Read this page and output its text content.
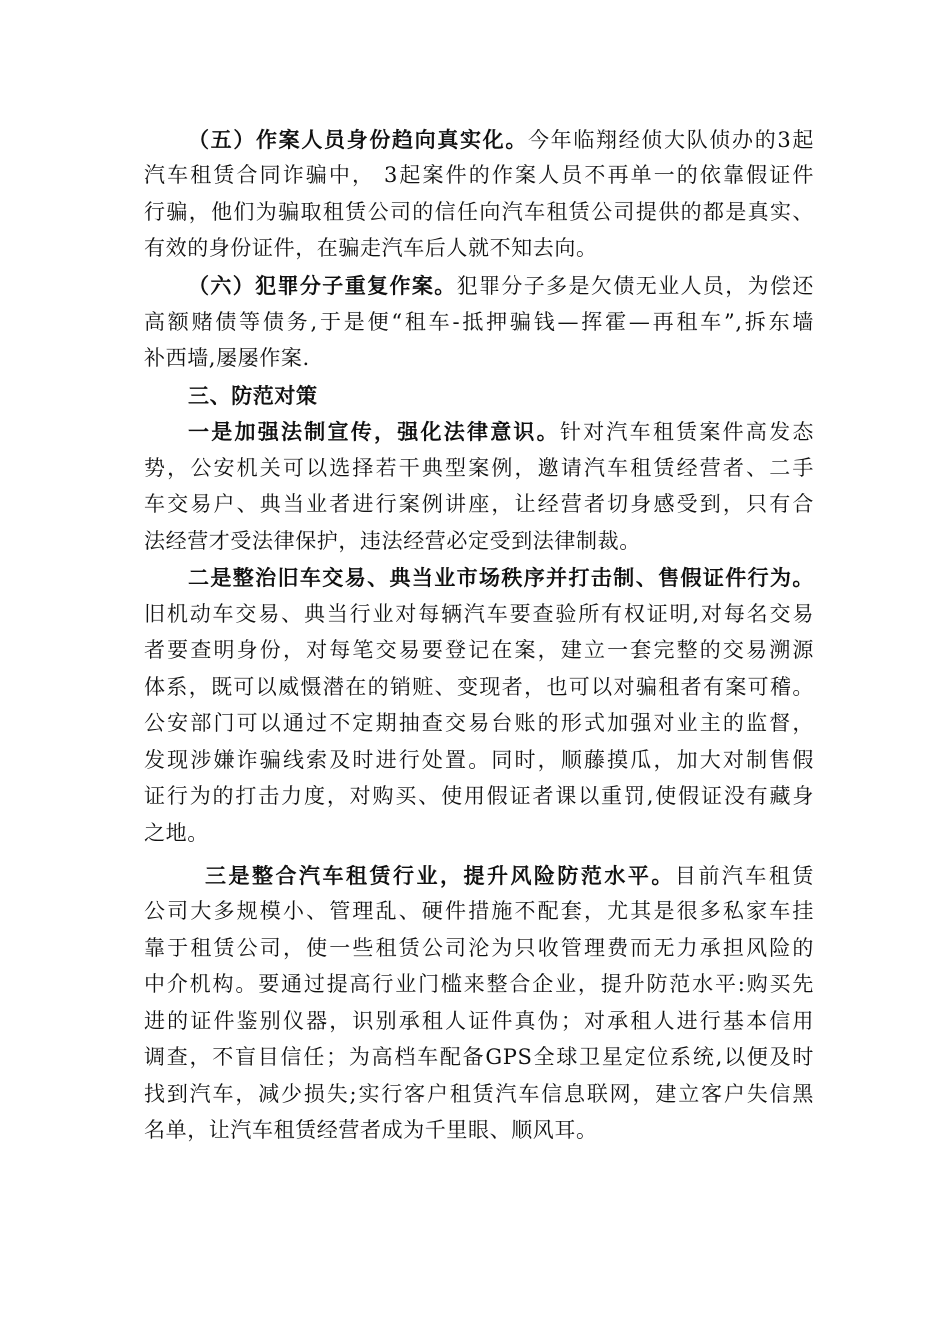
（五）作案人员身份趋向真实化。今年临翔经侦大队侦办的3起
汽车租赁合同诈骗中， 3起案件的作案人员不再单一的依靠假证件
行骗，他们为骗取租赁公司的信任向汽车租赁公司提供的都是真实、
有效的身份证件，在骗走汽车后人就不知去向。
（六）犯罪分子重复作案。犯罪分子多是欠债无业人员，为偿还
高额赌债等债务,于是便“租车-抵押骗钱—挥霍—再租车”,拆东墙
补西墙,屡屡作案.
三、防范对策
一是加强法制宣传，强化法律意识。针对汽车租赁案件高发态
势，公安机关可以选择若干典型案例，邀请汽车租赁经营者、二手
车交易户、典当业者进行案例讲座，让经营者切身感受到，只有合
法经营才受法律保护，违法经营必定受到法律制裁。
二是整治旧车交易、典当业市场秩序并打击制、售假证件行为。
旧机动车交易、典当行业对每辆汽车要查验所有权证明,对每名交易
者要查明身份，对每笔交易要登记在案，建立一套完整的交易溯源
体系，既可以威慑潜在的销赃、变现者，也可以对骗租者有案可稽。
公安部门可以通过不定期抽查交易台账的形式加强对业主的监督，
发现涉嫌诈骗线索及时进行处置。同时，顺藤摸瓜，加大对制售假
证行为的打击力度，对购买、使用假证者课以重罚,使假证没有藏身
之地。
三是整合汽车租赁行业，提升风险防范水平。目前汽车租赁
公司大多规模小、管理乱、硬件措施不配套，尤其是很多私家车挂
靠于租赁公司，使一些租赁公司沦为只收管理费而无力承担风险的
中介机构。要通过提高行业门槛来整合企业，提升防范水平:购买先
进的证件鉴别仪器，识别承租人证件真伪；对承租人进行基本信用
调查，不盲目信任；为高档车配备GPS全球卫星定位系统,以便及时
找到汽车，减少损失;实行客户租赁汽车信息联网，建立客户失信黑
名单，让汽车租赁经营者成为千里眼、顺风耳。
